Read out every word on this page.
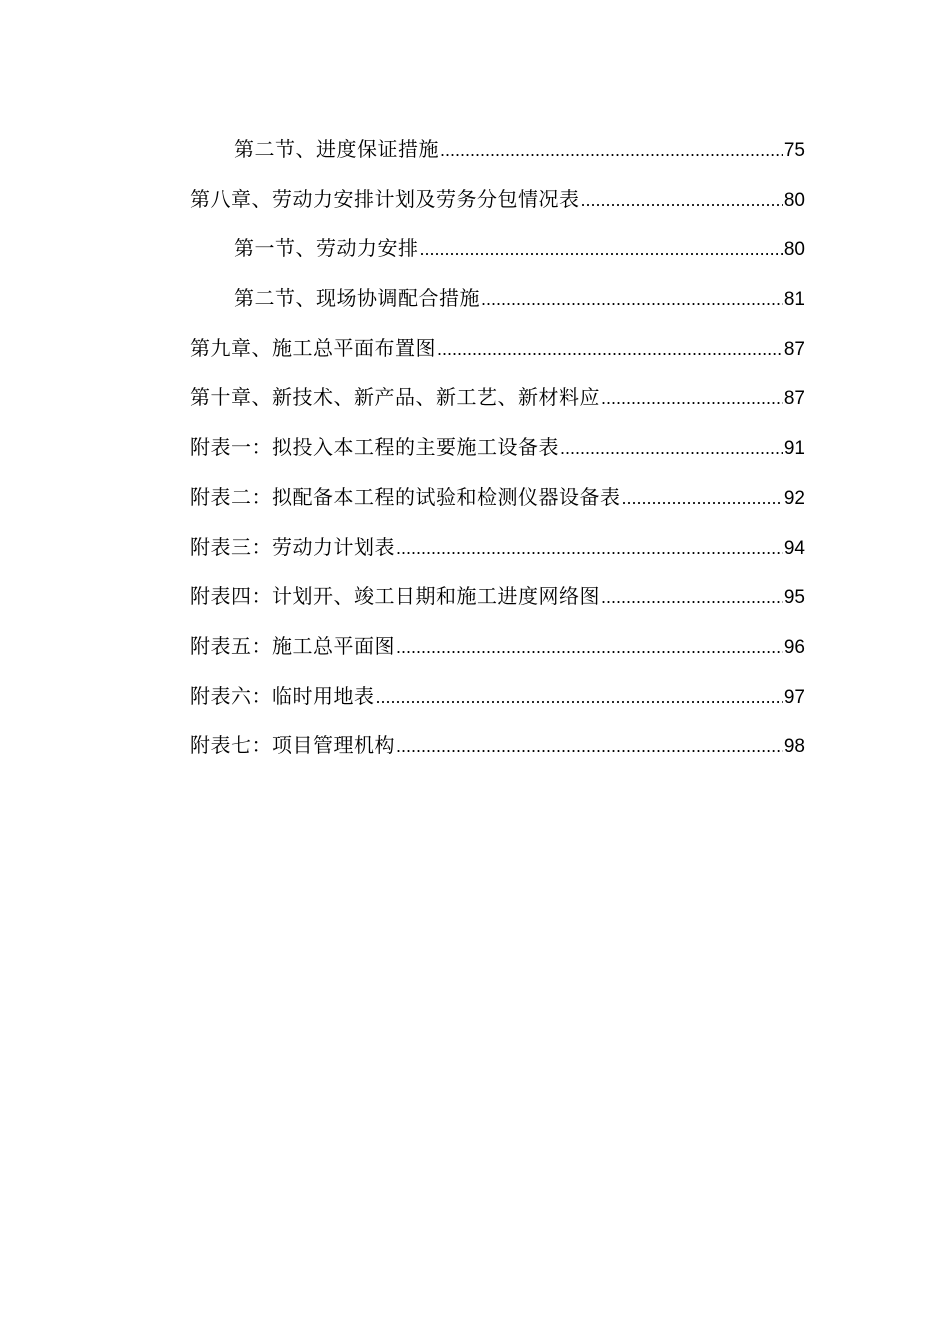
第二节、进度保证措施 .....	75
第八章、劳动力安排计划及劳务分包情况表 .....	80
第一节、劳动力安排 .....	80
第二节、现场协调配合措施 .....	81
第九章、施工总平面布置图 .....	87
第十章、新技术、新产品、新工艺、新材料应 .....	87
附表一：拟投入本工程的主要施工设备表 .....	91
附表二：拟配备本工程的试验和检测仪器设备表 .....	92
附表三：劳动力计划表 .....	94
附表四：计划开、竣工日期和施工进度网络图 .....	95
附表五：施工总平面图 .....	96
附表六：临时用地表 .....	97
附表七：项目管理机构 .....	98
